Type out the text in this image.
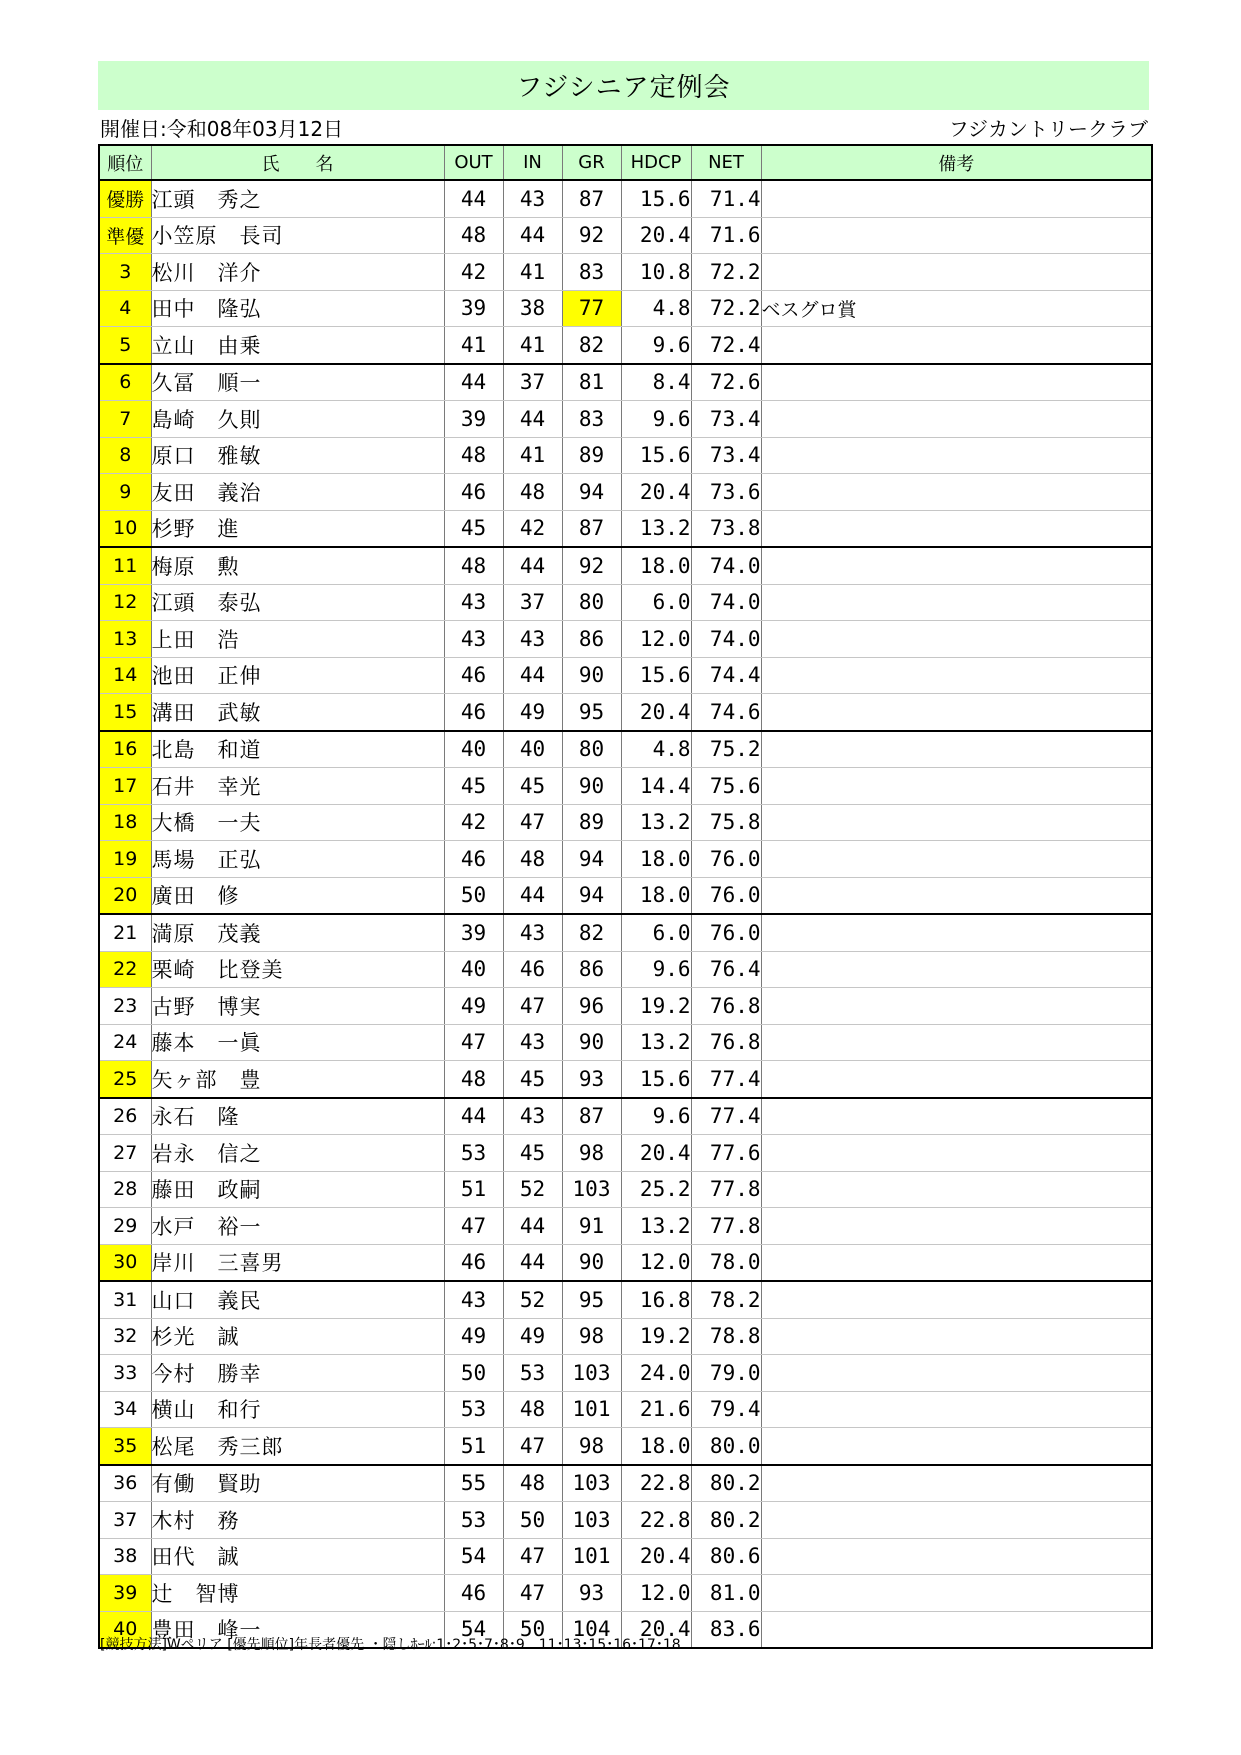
フジシニア定例会
開催日:令和08年03月12日	フジカントリークラブ
順位	氏　　名	OUT	IN	GR	HDCP	NET	備考
優勝	江頭　秀之	44	43	87	15.6	71.4	
準優	小笠原　長司	48	44	92	20.4	71.6	
3	松川　洋介	42	41	83	10.8	72.2	
4	田中　隆弘	39	38	77	4.8	72.2	ベスグロ賞
5	立山　由乗	41	41	82	9.6	72.4	
6	久冨　順一	44	37	81	8.4	72.6	
7	島崎　久則	39	44	83	9.6	73.4	
8	原口　雅敏	48	41	89	15.6	73.4	
9	友田　義治	46	48	94	20.4	73.6	
10	杉野　進	45	42	87	13.2	73.8	
11	梅原　勲	48	44	92	18.0	74.0	
12	江頭　泰弘	43	37	80	6.0	74.0	
13	上田　浩	43	43	86	12.0	74.0	
14	池田　正伸	46	44	90	15.6	74.4	
15	溝田　武敏	46	49	95	20.4	74.6	
16	北島　和道	40	40	80	4.8	75.2	
17	石井　幸光	45	45	90	14.4	75.6	
18	大橋　一夫	42	47	89	13.2	75.8	
19	馬場　正弘	46	48	94	18.0	76.0	
20	廣田　修	50	44	94	18.0	76.0	
21	満原　茂義	39	43	82	6.0	76.0	
22	栗崎　比登美	40	46	86	9.6	76.4	
23	古野　博実	49	47	96	19.2	76.8	
24	藤本　一眞	47	43	90	13.2	76.8	
25	矢ヶ部　豊	48	45	93	15.6	77.4	
26	永石　隆	44	43	87	9.6	77.4	
27	岩永　信之	53	45	98	20.4	77.6	
28	藤田　政嗣	51	52	103	25.2	77.8	
29	水戸　裕一	47	44	91	13.2	77.8	
30	岸川　三喜男	46	44	90	12.0	78.0	
31	山口　義民	43	52	95	16.8	78.2	
32	杉光　誠	49	49	98	19.2	78.8	
33	今村　勝幸	50	53	103	24.0	79.0	
34	横山　和行	53	48	101	21.6	79.4	
35	松尾　秀三郎	51	47	98	18.0	80.0	
36	有働　賢助	55	48	103	22.8	80.2	
37	木村　務	53	50	103	22.8	80.2	
38	田代　誠	54	47	101	20.4	80.6	
39	辻　智博	46	47	93	12.0	81.0	
40	豊田　峰一	54	50	104	20.4	83.6	
[競技方法]Wペリア [優先順位]年長者優先 ・隠しﾎｰﾙ:1･2･5･7･8･9　11･13･15･16･17･18
